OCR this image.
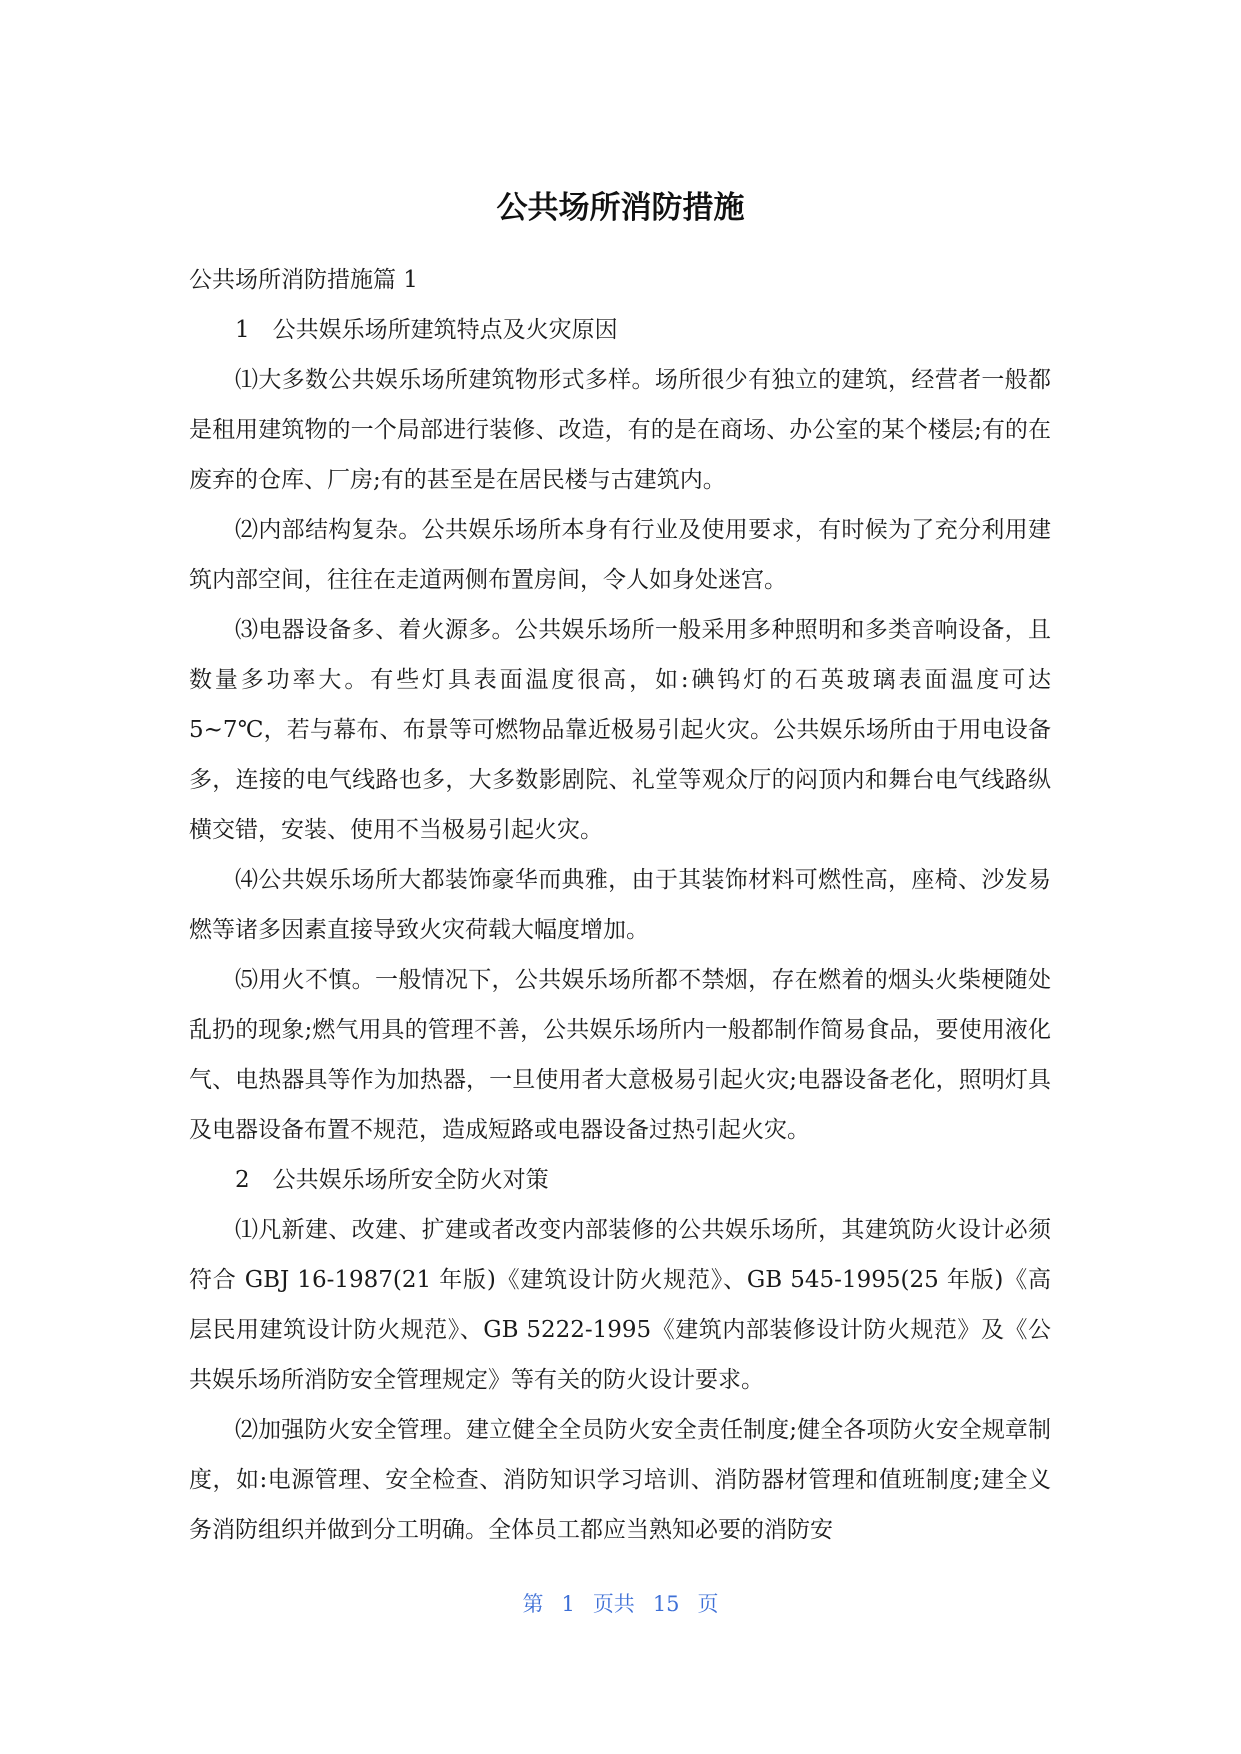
公共场所消防措施

公共场所消防措施篇 1

1　公共娱乐场所建筑特点及火灾原因

⑴大多数公共娱乐场所建筑物形式多样。场所很少有独立的建筑，经营者一般都是租用建筑物的一个局部进行装修、改造，有的是在商场、办公室的某个楼层;有的在废弃的仓库、厂房;有的甚至是在居民楼与古建筑内。

⑵内部结构复杂。公共娱乐场所本身有行业及使用要求，有时候为了充分利用建筑内部空间，往往在走道两侧布置房间，令人如身处迷宫。

⑶电器设备多、着火源多。公共娱乐场所一般采用多种照明和多类音响设备，且数量多功率大。有些灯具表面温度很高，如:碘钨灯的石英玻璃表面温度可达 5~7℃，若与幕布、布景等可燃物品靠近极易引起火灾。公共娱乐场所由于用电设备多，连接的电气线路也多，大多数影剧院、礼堂等观众厅的闷顶内和舞台电气线路纵横交错，安装、使用不当极易引起火灾。

⑷公共娱乐场所大都装饰豪华而典雅，由于其装饰材料可燃性高，座椅、沙发易燃等诸多因素直接导致火灾荷载大幅度增加。

⑸用火不慎。一般情况下，公共娱乐场所都不禁烟，存在燃着的烟头火柴梗随处乱扔的现象;燃气用具的管理不善，公共娱乐场所内一般都制作简易食品，要使用液化气、电热器具等作为加热器，一旦使用者大意极易引起火灾;电器设备老化，照明灯具及电器设备布置不规范，造成短路或电器设备过热引起火灾。

2　公共娱乐场所安全防火对策

⑴凡新建、改建、扩建或者改变内部装修的公共娱乐场所，其建筑防火设计必须符合 GBJ 16-1987(21 年版)《建筑设计防火规范》、GB 545-1995(25 年版)《高层民用建筑设计防火规范》、GB 5222-1995《建筑内部装修设计防火规范》及《公共娱乐场所消防安全管理规定》等有关的防火设计要求。

⑵加强防火安全管理。建立健全全员防火安全责任制度;健全各项防火安全规章制度，如:电源管理、安全检查、消防知识学习培训、消防器材管理和值班制度;建全义务消防组织并做到分工明确。全体员工都应当熟知必要的消防安

第 1 页共 15 页
